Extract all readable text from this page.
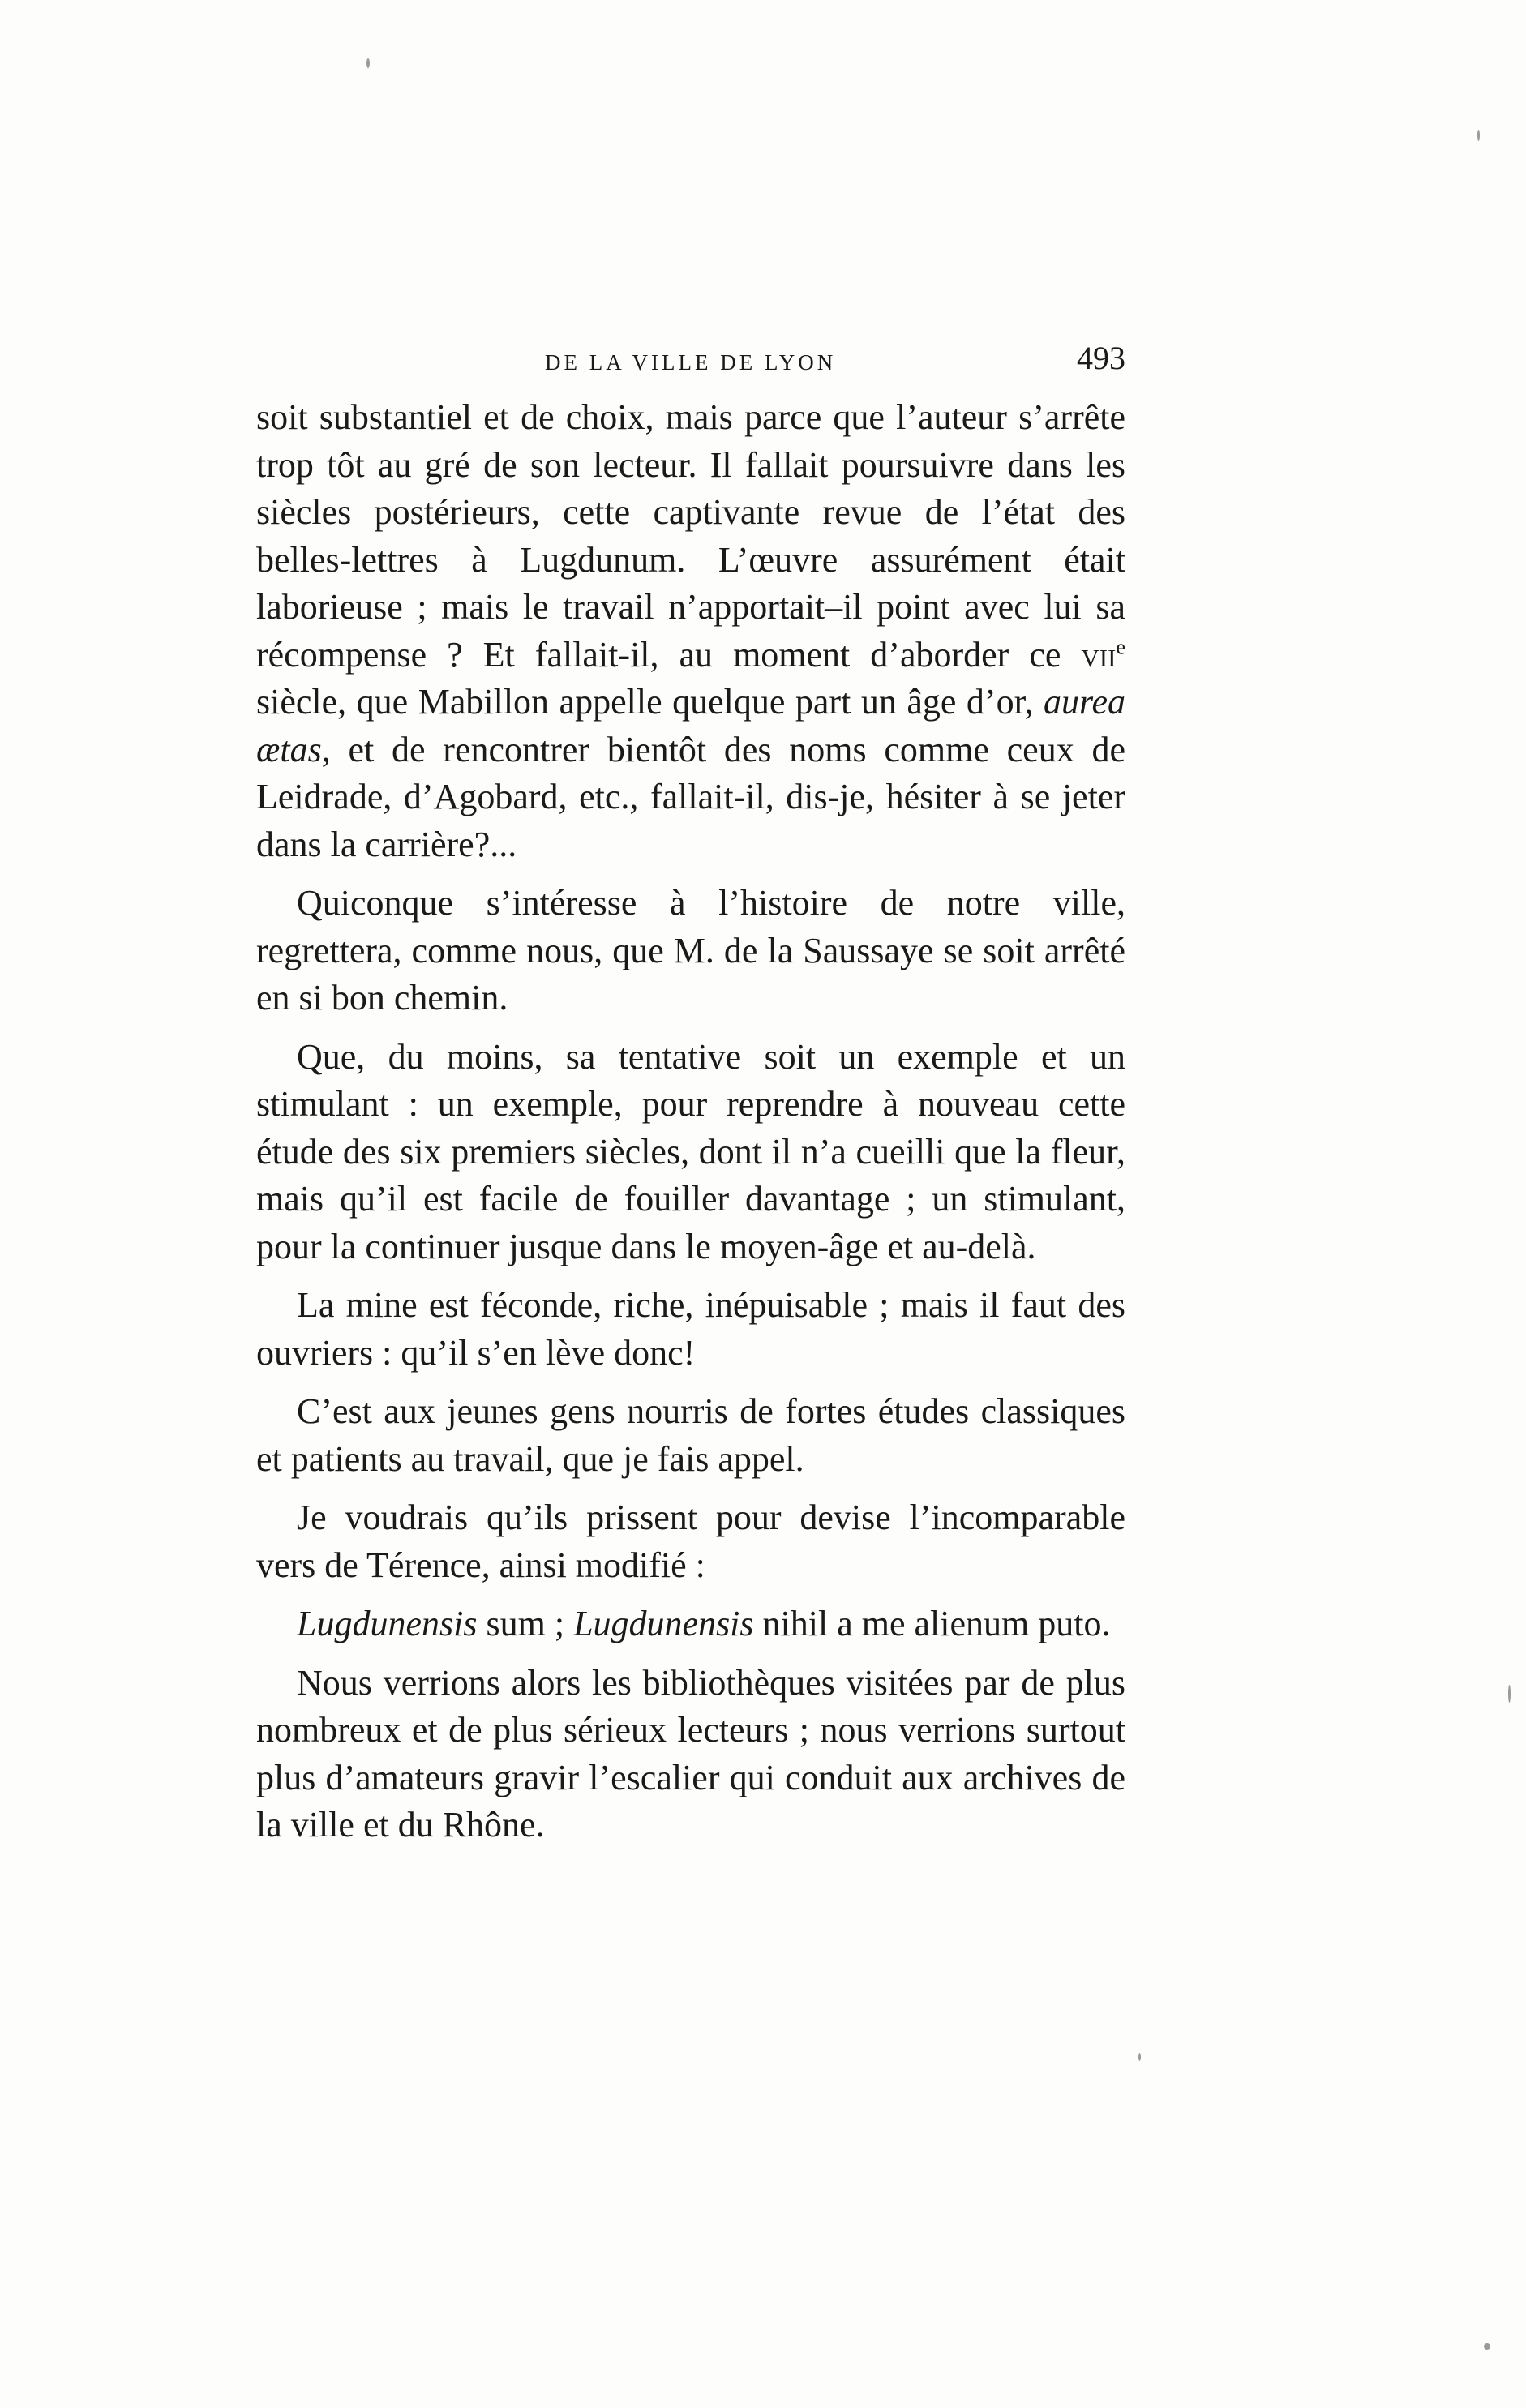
DE LA VILLE DE LYON	493

soit substantiel et de choix, mais parce que l’auteur s’arrête trop tôt au gré de son lecteur. Il fallait poursuivre dans les siècles postérieurs, cette captivante revue de l’état des belles-lettres à Lugdunum. L’œuvre assurément était laborieuse ; mais le travail n’apportait–il point avec lui sa récompense ? Et fallait-il, au moment d’aborder ce vii$^e$ siècle, que Mabillon appelle quelque part un âge d’or, aurea ætas, et de rencontrer bientôt des noms comme ceux de Leidrade, d’Agobard, etc., fallait-il, dis-je, hésiter à se jeter dans la carrière?...

Quiconque s’intéresse à l’histoire de notre ville, regrettera, comme nous, que M. de la Saussaye se soit arrêté en si bon chemin.

Que, du moins, sa tentative soit un exemple et un stimulant : un exemple, pour reprendre à nouveau cette étude des six premiers siècles, dont il n’a cueilli que la fleur, mais qu’il est facile de fouiller davantage ; un stimulant, pour la continuer jusque dans le moyen-âge et au-delà.

La mine est féconde, riche, inépuisable ; mais il faut des ouvriers : qu’il s’en lève donc!

C’est aux jeunes gens nourris de fortes études classiques et patients au travail, que je fais appel.

Je voudrais qu’ils prissent pour devise l’incomparable vers de Térence, ainsi modifié :

Lugdunensis sum ; Lugdunensis nihil a me alienum puto.

Nous verrions alors les bibliothèques visitées par de plus nombreux et de plus sérieux lecteurs ; nous verrions surtout plus d’amateurs gravir l’escalier qui conduit aux archives de la ville et du Rhône.
